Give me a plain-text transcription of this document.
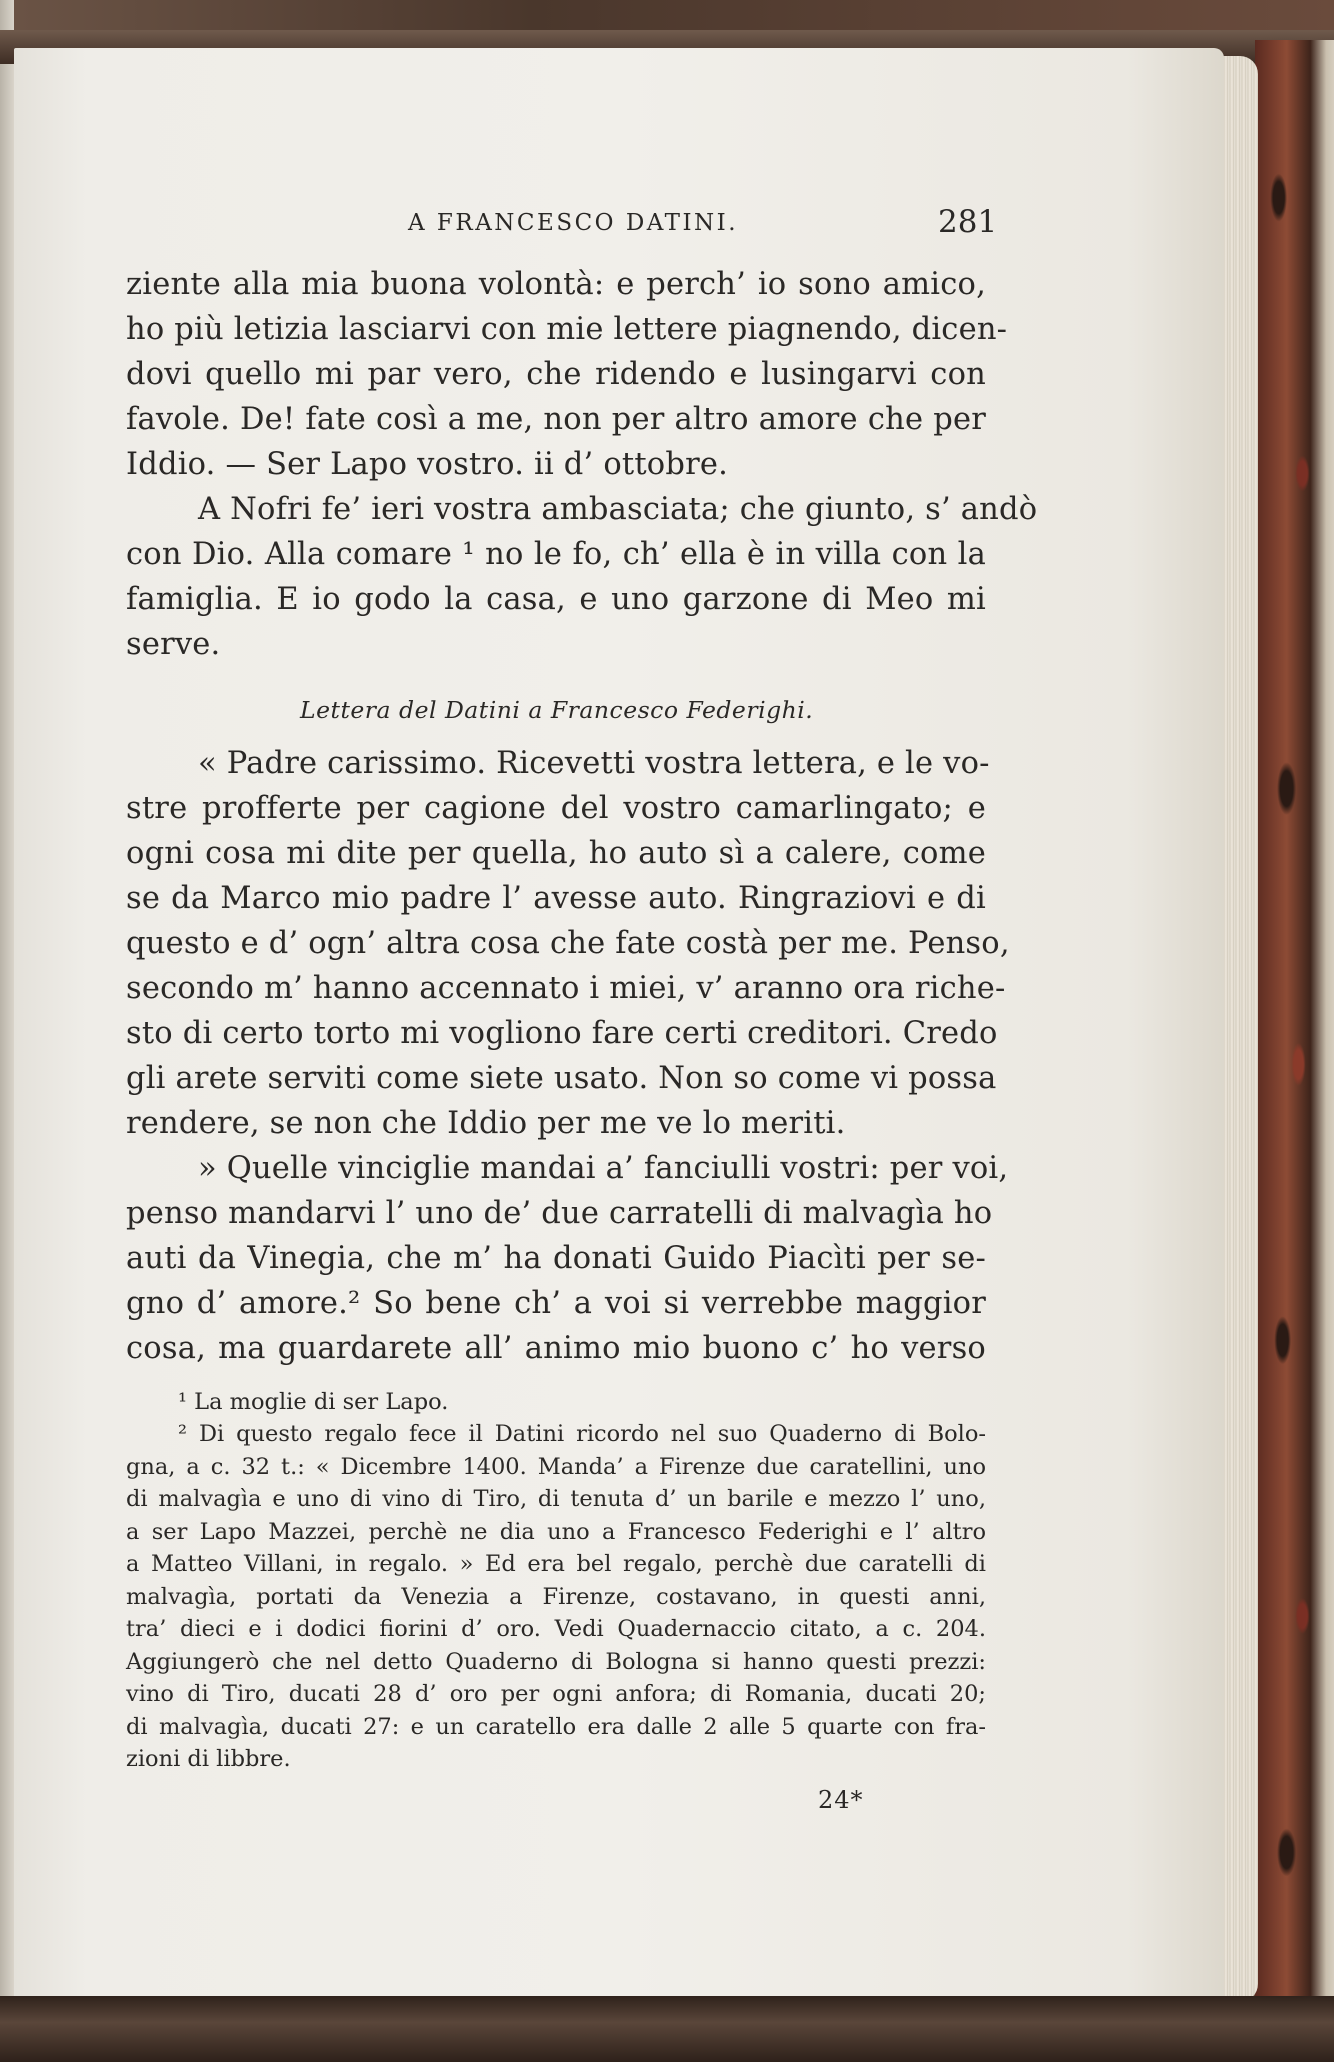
A FRANCESCO DATINI.	281
ziente alla mia buona volontà: e perch’ io sono amico,
ho più letizia lasciarvi con mie lettere piagnendo, dicen-
dovi quello mi par vero, che ridendo e lusingarvi con
favole. De! fate così a me, non per altro amore che per
Iddio. — Ser Lapo vostro. ii d’ ottobre.
A Nofri fe’ ieri vostra ambasciata; che giunto, s’ andò
con Dio. Alla comare ¹ no le fo, ch’ ella è in villa con la
famiglia. E io godo la casa, e uno garzone di Meo mi
serve.
Lettera del Datini a Francesco Federighi.
« Padre carissimo. Ricevetti vostra lettera, e le vo-
stre profferte per cagione del vostro camarlingato; e
ogni cosa mi dite per quella, ho auto sì a calere, come
se da Marco mio padre l’ avesse auto. Ringraziovi e di
questo e d’ ogn’ altra cosa che fate costà per me. Penso,
secondo m’ hanno accennato i miei, v’ aranno ora riche-
sto di certo torto mi vogliono fare certi creditori. Credo
gli arete serviti come siete usato. Non so come vi possa
rendere, se non che Iddio per me ve lo meriti.
» Quelle vinciglie mandai a’ fanciulli vostri: per voi,
penso mandarvi l’ uno de’ due carratelli di malvagìa ho
auti da Vinegia, che m’ ha donati Guido Piacìti per se-
gno d’ amore.² So bene ch’ a voi si verrebbe maggior
cosa, ma guardarete all’ animo mio buono c’ ho verso
¹ La moglie di ser Lapo.
² Di questo regalo fece il Datini ricordo nel suo Quaderno di Bolo-
gna, a c. 32 t.: « Dicembre 1400. Manda’ a Firenze due caratellini, uno
di malvagìa e uno di vino di Tiro, di tenuta d’ un barile e mezzo l’ uno,
a ser Lapo Mazzei, perchè ne dia uno a Francesco Federighi e l’ altro
a Matteo Villani, in regalo. » Ed era bel regalo, perchè due caratelli di
malvagìa, portati da Venezia a Firenze, costavano, in questi anni,
tra’ dieci e i dodici fiorini d’ oro. Vedi Quadernaccio citato, a c. 204.
Aggiungerò che nel detto Quaderno di Bologna si hanno questi prezzi:
vino di Tiro, ducati 28 d’ oro per ogni anfora; di Romania, ducati 20;
di malvagìa, ducati 27: e un caratello era dalle 2 alle 5 quarte con fra-
zioni di libbre.
24*
